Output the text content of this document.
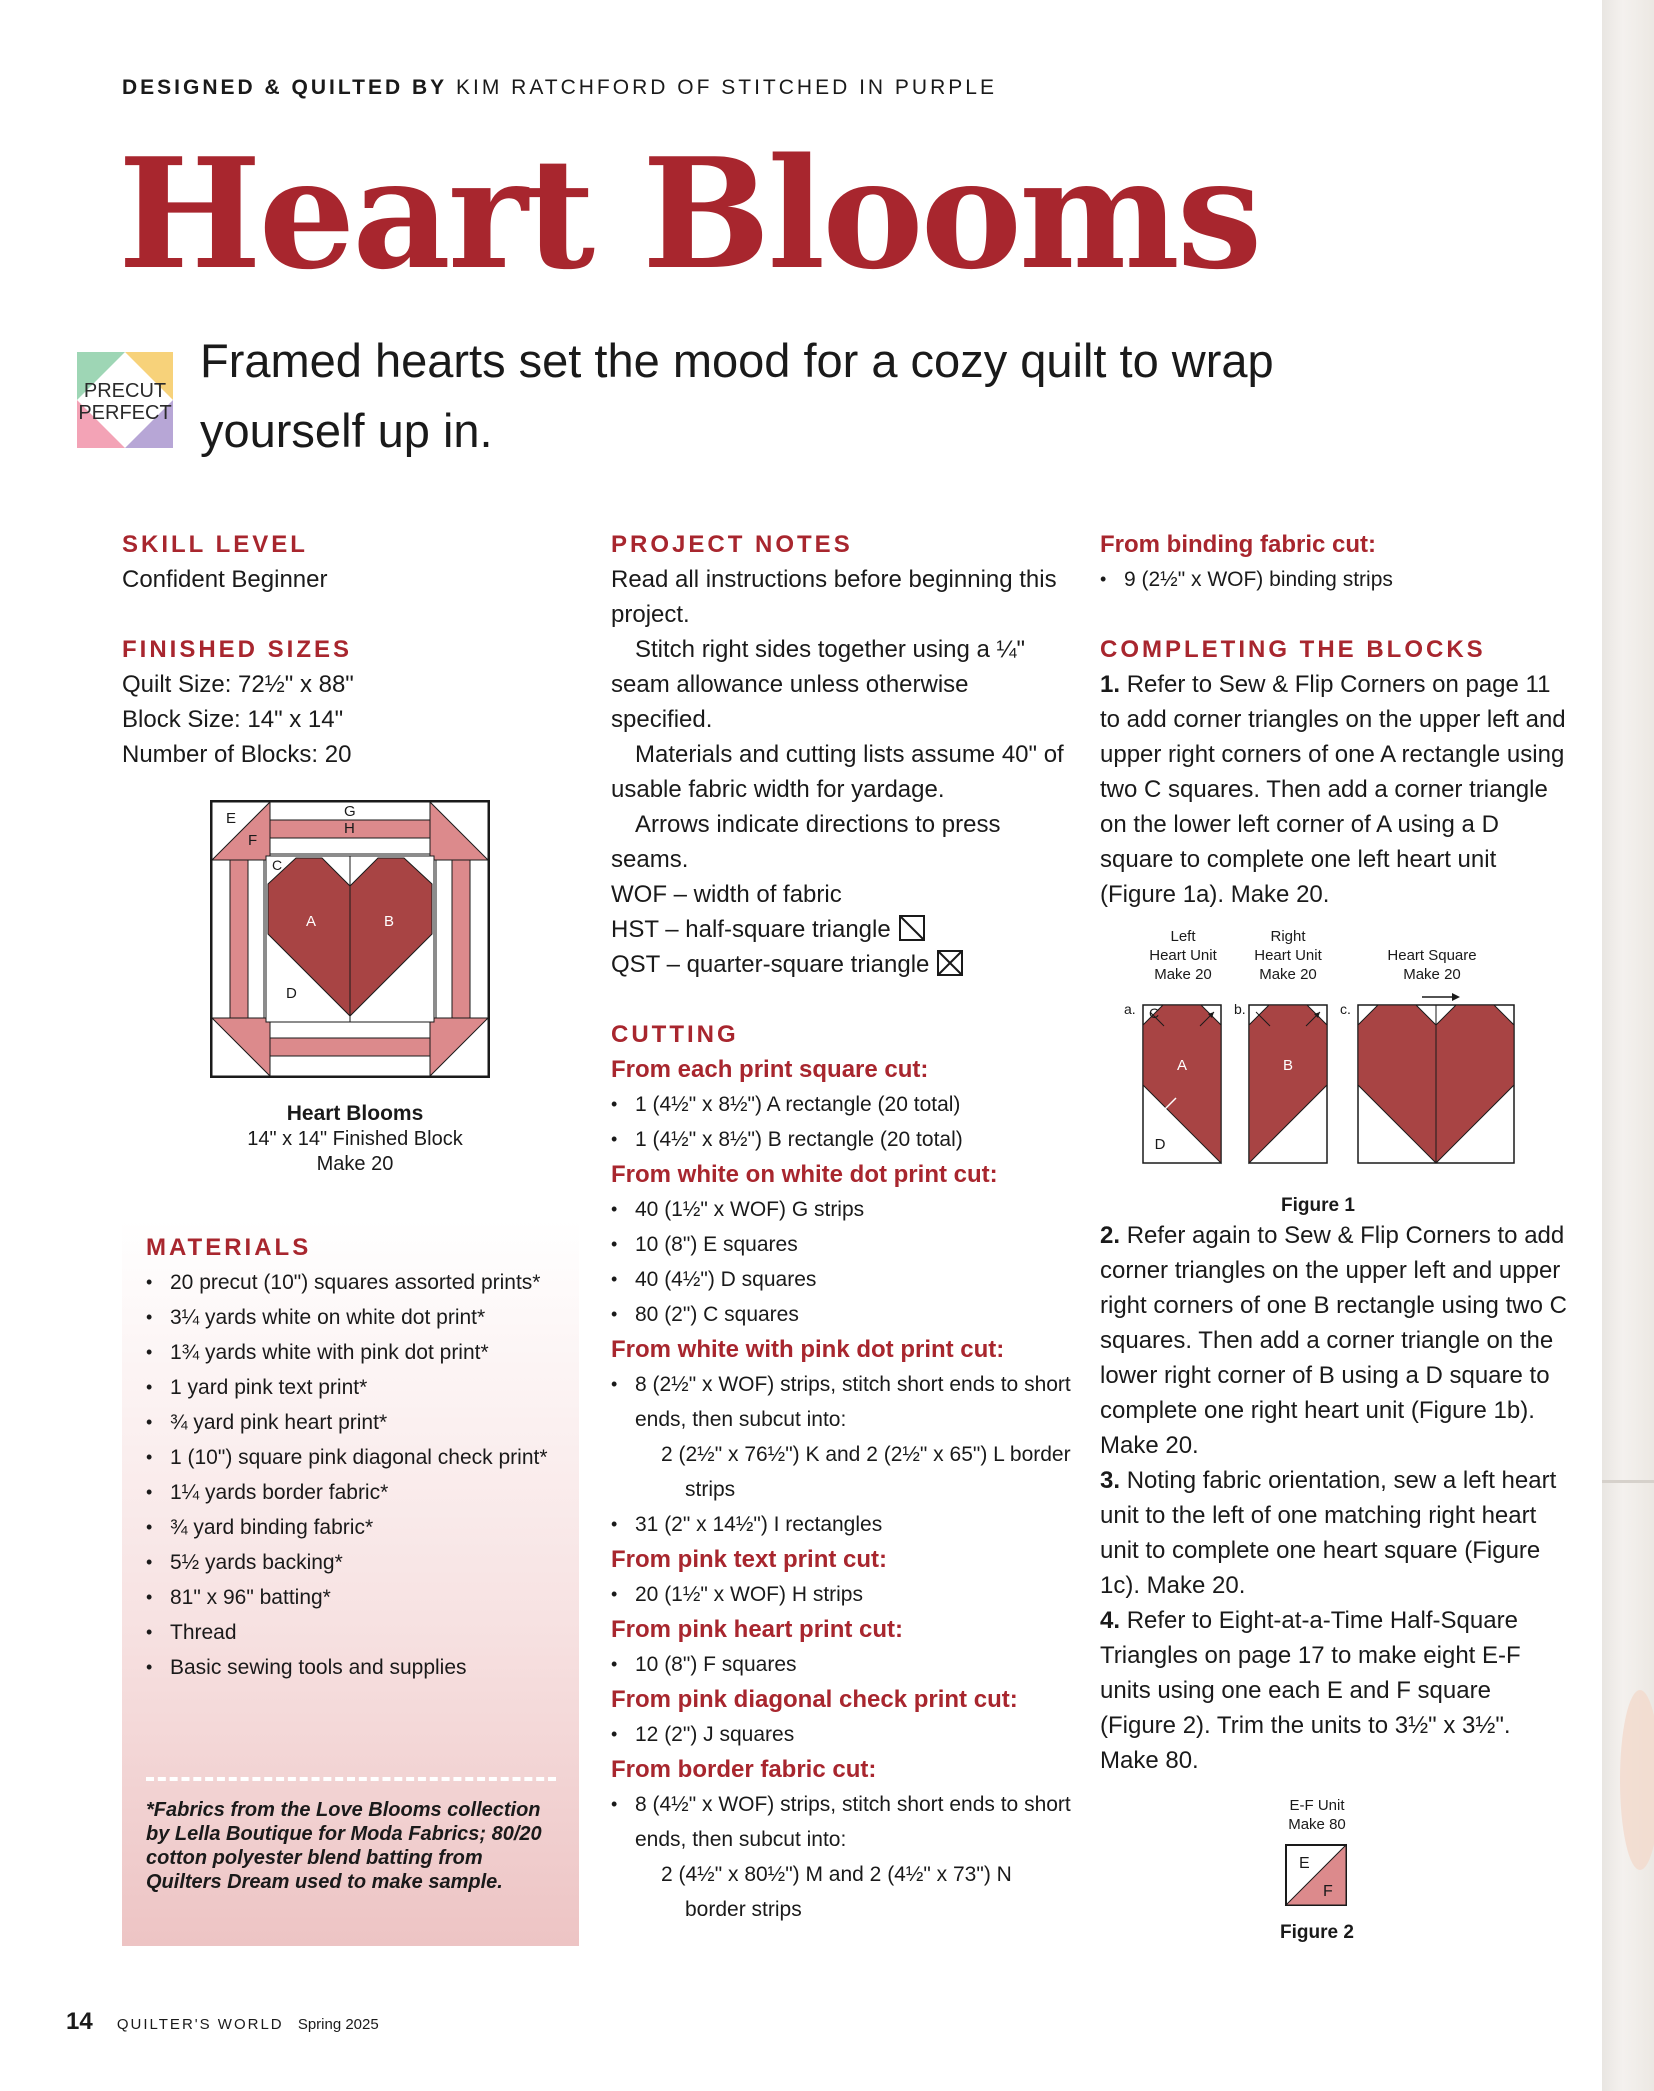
DESIGNED & QUILTED BY KIM RATCHFORD OF STITCHED IN PURPLE
Heart Blooms
PRECUT
PERFECT
Framed hearts set the mood for a cozy quilt to wrap yourself up in.
SKILL LEVEL

Confident Beginner

FINISHED SIZES

Quilt Size: 72½" x 88"

Block Size: 14" x 14"

Number of Blocks: 20

E
F
G
H
C
A	B
D
Heart Blooms
14" x 14" Finished Block
Make 20
MATERIALS
• 20 precut (10") squares assorted prints*
• 3¼ yards white on white dot print*
• 1¾ yards white with pink dot print*
• 1 yard pink text print*
• ¾ yard pink heart print*
• 1 (10") square pink diagonal check print*
• 1¼ yards border fabric*
• ¾ yard binding fabric*
• 5½ yards backing*
• 81" x 96" batting*
• Thread
• Basic sewing tools and supplies
*Fabrics from the Love Blooms collection by Lella Boutique for Moda Fabrics; 80/20 cotton polyester blend batting from Quilters Dream used to make sample.
PROJECT NOTES

Read all instructions before beginning this project.

Stitch right sides together using a ¼" seam allowance unless otherwise specified.

Materials and cutting lists assume 40" of usable fabric width for yardage.

Arrows indicate directions to press seams.

WOF – width of fabric

HST – half-square triangle

QST – quarter-square triangle

CUTTING
From each print square cut:
• 1 (4½" x 8½") A rectangle (20 total)
• 1 (4½" x 8½") B rectangle (20 total)
From white on white dot print cut:
• 40 (1½" x WOF) G strips
• 10 (8") E squares
• 40 (4½") D squares
• 80 (2") C squares
From white with pink dot print cut:
• 8 (2½" x WOF) strips, stitch short ends to short ends, then subcut into:
2 (2½" x 76½") K and 2 (2½" x 65") L border strips
• 31 (2" x 14½") I rectangles
From pink text print cut:
• 20 (1½" x WOF) H strips
From pink heart print cut:
• 10 (8") F squares
From pink diagonal check print cut:
• 12 (2") J squares
From border fabric cut:
• 8 (4½" x WOF) strips, stitch short ends to short ends, then subcut into:
2 (4½" x 80½") M and 2 (4½" x 73") N border strips
From binding fabric cut:
• 9 (2½" x WOF) binding strips
COMPLETING THE BLOCKS

1. Refer to Sew & Flip Corners on page 11 to add corner triangles on the upper left and upper right corners of one A rectangle using two C squares. Then add a corner triangle on the lower left corner of A using a D square to complete one left heart unit (Figure 1a). Make 20.

2. Refer again to Sew & Flip Corners to add corner triangles on the upper left and upper right corners of one B rectangle using two C squares. Then add a corner triangle on the lower right corner of B using a D square to complete one right heart unit (Figure 1b). Make 20.

3. Noting fabric orientation, sew a left heart unit to the left of one matching right heart unit to complete one heart square (Figure 1c). Make 20.

4. Refer to Eight-at-a-Time Half-Square Triangles on page 17 to make eight E-F units using one each E and F square (Figure 2). Trim the units to 3½" x 3½". Make 80.

Left
Heart Unit
Make 20
Right
Heart Unit
Make 20
Heart Square
Make 20
a.	b.	c.
C
A
D
B
Figure 1
E-F Unit
Make 80
E
F
Figure 2
14 QUILTER'S WORLD Spring 2025
